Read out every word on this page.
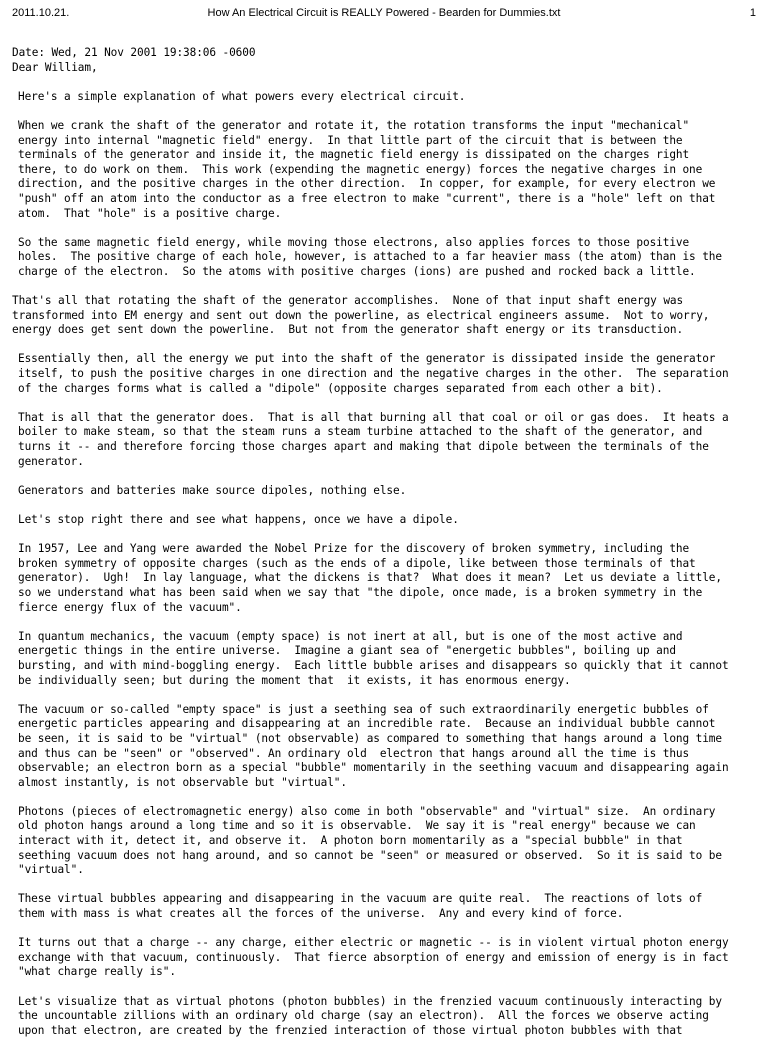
2011.10.21.	How An Electrical Circuit is REALLY Powered - Bearden for Dummies.txt	1
Date: Wed, 21 Nov 2001 19:38:06 -0600
Dear William,

Here's a simple explanation of what powers every electrical circuit.

When we crank the shaft of the generator and rotate it, the rotation transforms the input "mechanical"
energy into internal "magnetic field" energy.  In that little part of the circuit that is between the
terminals of the generator and inside it, the magnetic field energy is dissipated on the charges right
there, to do work on them.  This work (expending the magnetic energy) forces the negative charges in one
direction, and the positive charges in the other direction.  In copper, for example, for every electron we
"push" off an atom into the conductor as a free electron to make "current", there is a "hole" left on that
atom.  That "hole" is a positive charge.

So the same magnetic field energy, while moving those electrons, also applies forces to those positive
holes.  The positive charge of each hole, however, is attached to a far heavier mass (the atom) than is the
charge of the electron.  So the atoms with positive charges (ions) are pushed and rocked back a little.

That's all that rotating the shaft of the generator accomplishes.  None of that input shaft energy was
transformed into EM energy and sent out down the powerline, as electrical engineers assume.  Not to worry,
energy does get sent down the powerline.  But not from the generator shaft energy or its transduction.

Essentially then, all the energy we put into the shaft of the generator is dissipated inside the generator
itself, to push the positive charges in one direction and the negative charges in the other.  The separation
of the charges forms what is called a "dipole" (opposite charges separated from each other a bit).

That is all that the generator does.  That is all that burning all that coal or oil or gas does.  It heats a
boiler to make steam, so that the steam runs a steam turbine attached to the shaft of the generator, and
turns it -- and therefore forcing those charges apart and making that dipole between the terminals of the
generator.

Generators and batteries make source dipoles, nothing else.

Let's stop right there and see what happens, once we have a dipole.

In 1957, Lee and Yang were awarded the Nobel Prize for the discovery of broken symmetry, including the
broken symmetry of opposite charges (such as the ends of a dipole, like between those terminals of that
generator).  Ugh!  In lay language, what the dickens is that?  What does it mean?  Let us deviate a little,
so we understand what has been said when we say that "the dipole, once made, is a broken symmetry in the
fierce energy flux of the vacuum".

In quantum mechanics, the vacuum (empty space) is not inert at all, but is one of the most active and
energetic things in the entire universe.  Imagine a giant sea of "energetic bubbles", boiling up and
bursting, and with mind-boggling energy.  Each little bubble arises and disappears so quickly that it cannot
be individually seen; but during the moment that  it exists, it has enormous energy.

The vacuum or so-called "empty space" is just a seething sea of such extraordinarily energetic bubbles of
energetic particles appearing and disappearing at an incredible rate.  Because an individual bubble cannot
be seen, it is said to be "virtual" (not observable) as compared to something that hangs around a long time
and thus can be "seen" or "observed". An ordinary old  electron that hangs around all the time is thus
observable; an electron born as a special "bubble" momentarily in the seething vacuum and disappearing again
almost instantly, is not observable but "virtual".

Photons (pieces of electromagnetic energy) also come in both "observable" and "virtual" size.  An ordinary
old photon hangs around a long time and so it is observable.  We say it is "real energy" because we can
interact with it, detect it, and observe it.  A photon born momentarily as a "special bubble" in that
seething vacuum does not hang around, and so cannot be "seen" or measured or observed.  So it is said to be
"virtual".

These virtual bubbles appearing and disappearing in the vacuum are quite real.  The reactions of lots of
them with mass is what creates all the forces of the universe.  Any and every kind of force.

It turns out that a charge -- any charge, either electric or magnetic -- is in violent virtual photon energy
exchange with that vacuum, continuously.  That fierce absorption of energy and emission of energy is in fact
"what charge really is".

Let's visualize that as virtual photons (photon bubbles) in the frenzied vacuum continuously interacting by
the uncountable zillions with an ordinary old charge (say an electron).  All the forces we observe acting
upon that electron, are created by the frenzied interaction of those virtual photon bubbles with that
